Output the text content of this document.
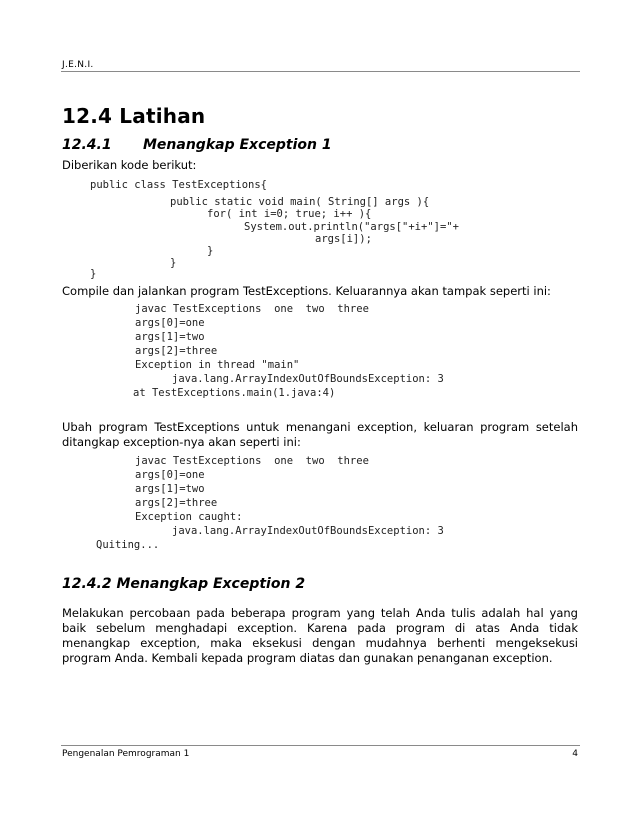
J.E.N.I.
12.4 Latihan
12.4.1 Menangkap Exception 1
Diberikan kode berikut:
public class TestExceptions{
public static void main( String[] args ){
for( int i=0; true; i++ ){
System.out.println("args["+i+"]="+
args[i]);
}
}
}
Compile dan jalankan program TestExceptions. Keluarannya akan tampak seperti ini:
javac TestExceptions  one  two  three
args[0]=one
args[1]=two
args[2]=three
Exception in thread "main"
java.lang.ArrayIndexOutOfBoundsException: 3
at TestExceptions.main(1.java:4)
Ubah program TestExceptions untuk menangani exception, keluaran program setelah ditangkap exception-nya akan seperti ini:
javac TestExceptions  one  two  three
args[0]=one
args[1]=two
args[2]=three
Exception caught:
java.lang.ArrayIndexOutOfBoundsException: 3
Quiting...
12.4.2 Menangkap Exception 2
Melakukan percobaan pada beberapa program yang telah Anda tulis adalah hal yang baik sebelum menghadapi exception. Karena pada program di atas Anda tidak menangkap exception, maka eksekusi dengan mudahnya berhenti mengeksekusi program Anda. Kembali kepada program diatas dan gunakan penanganan exception.
Pengenalan Pemrograman 1	4
